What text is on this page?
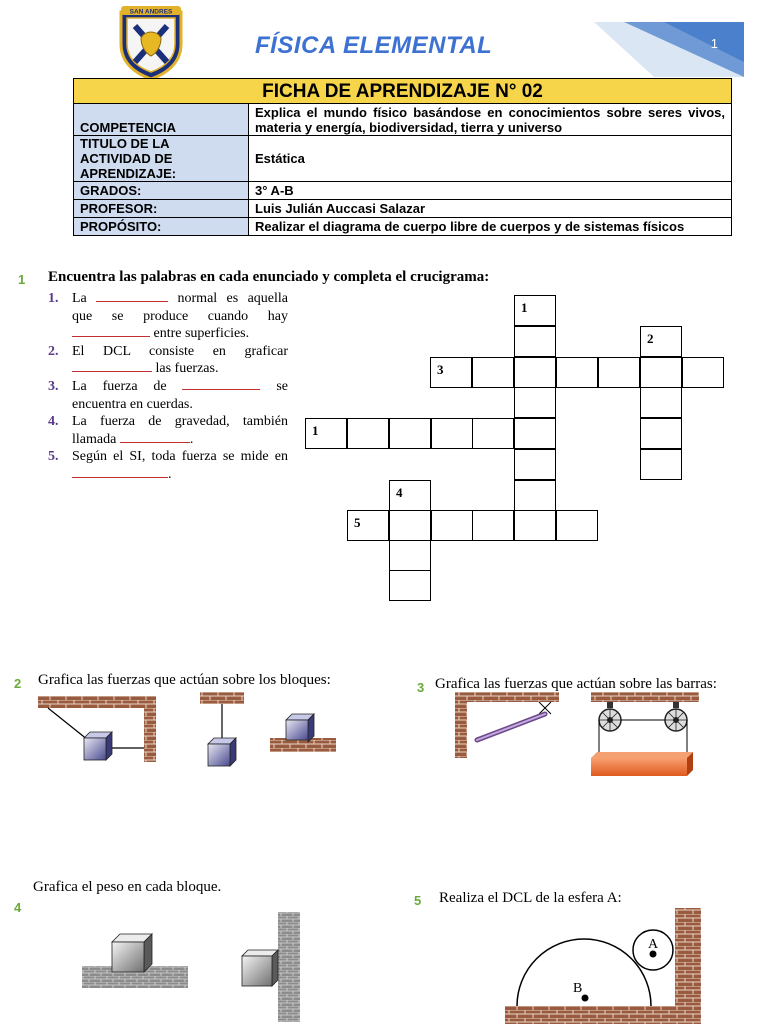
SAN ANDRES
FÍSICA ELEMENTAL	1
FICHA DE APRENDIZAJE N° 02	
COMPETENCIA	Explica el mundo físico basándose en conocimientos sobre seres vivos, materia y energía, biodiversidad, tierra y universo
TITULO DE LA ACTIVIDAD DE APRENDIZAJE:	Estática
GRADOS:	3° A-B
PROFESOR:	Luis Julián Auccasi Salazar
PROPÓSITO:	Realizar el diagrama de cuerpo libre de cuerpos y de sistemas físicos
1 Encuentra las palabras en cada enunciado y completa el crucigrama:
1. La	normal es aquella que se produce cuando hay  entre superficies.
2. El DCL consiste en graficar  las fuerzas.
3. La fuerza de	se encuentra en cuerdas.
4. La fuerza de gravedad, también llamada	.
5. Según el SI, toda fuerza se mide en .
1
2
3
1
4
5
2 Grafica las fuerzas que actúan sobre los bloques:	3 Grafica las fuerzas que actúan sobre las barras:
4
Grafica el peso en cada bloque.
5 Realiza el DCL de la esfera A:
A
B
